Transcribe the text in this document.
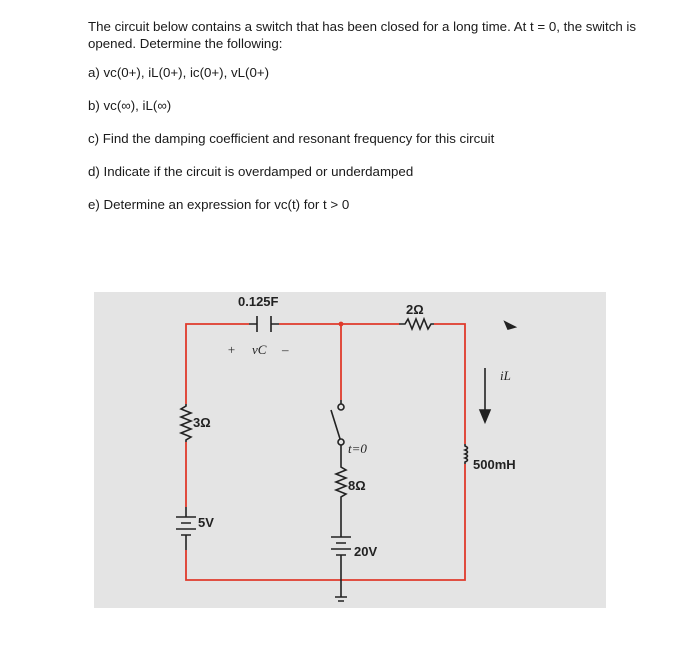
The circuit below contains a switch that has been closed for a long time. At t = 0, the switch is opened. Determine the following:

a) vc(0+), iL(0+), ic(0+), vL(0+)

b) vc(∞), iL(∞)

c) Find the damping coefficient and resonant frequency for this circuit

d) Indicate if the circuit is overdamped or underdamped

e) Determine an expression for vc(t) for t > 0

0.125F
+ vC –
2Ω
iL
3Ω
5V
t=0
8Ω
20V
500mH
